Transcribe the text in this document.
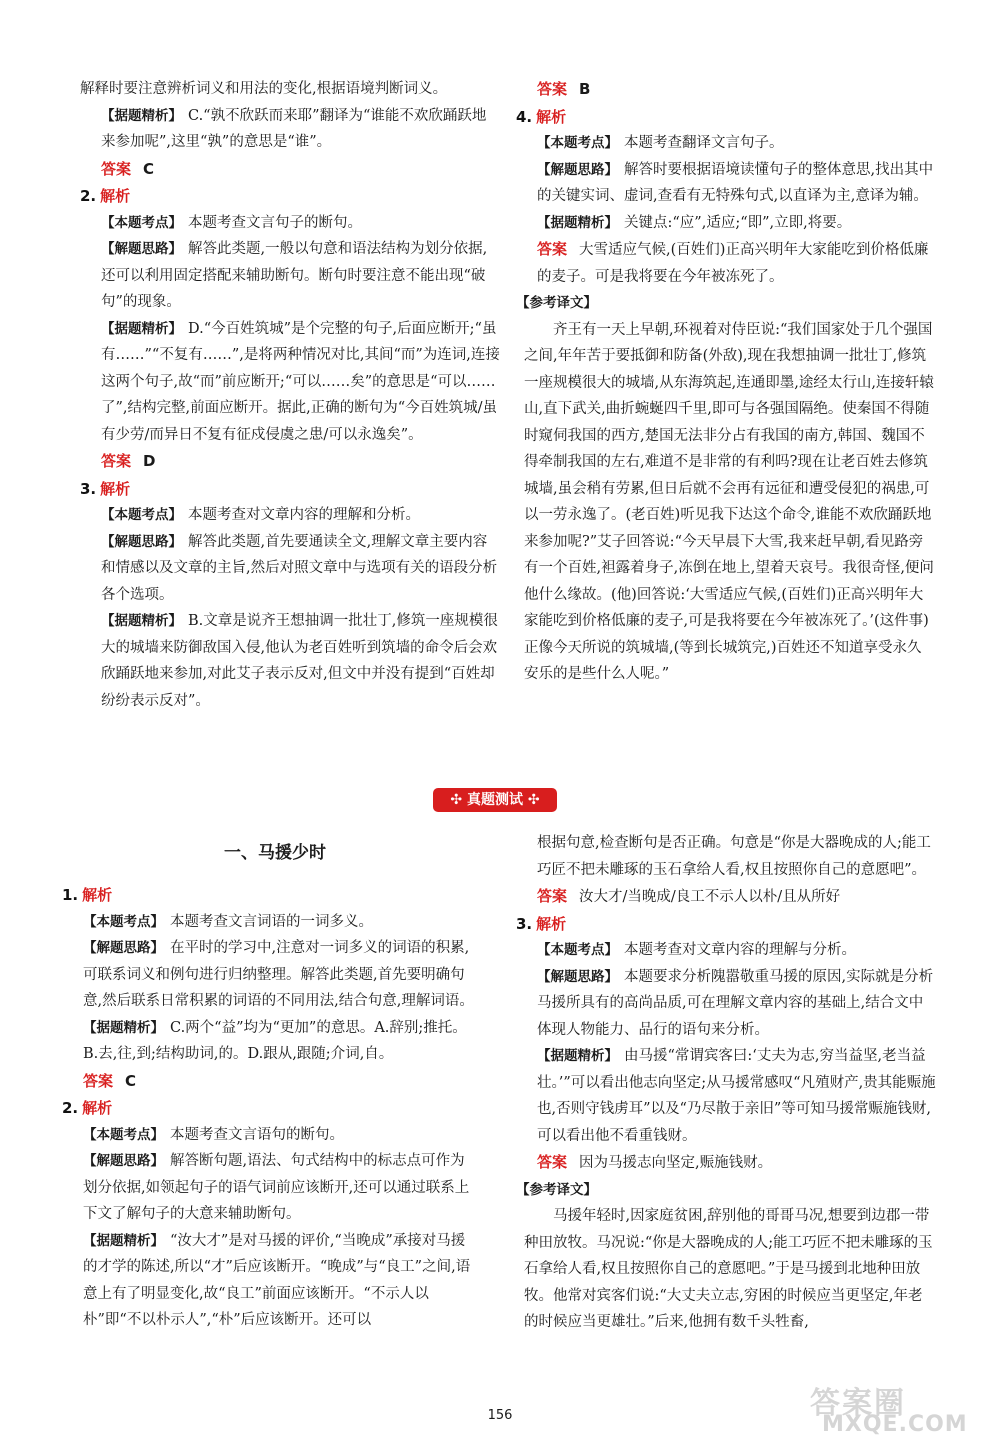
解释时要注意辨析词义和用法的变化,根据语境判断词义。

【据题精析】 C.“孰不欣跃而来耶”翻译为“谁能不欢欣踊跃地来参加呢”,这里“孰”的意思是“谁”。

答案 C

2. 解析

【本题考点】 本题考查文言句子的断句。

【解题思路】 解答此类题,一般以句意和语法结构为划分依据,还可以利用固定搭配来辅助断句。断句时要注意不能出现“破句”的现象。

【据题精析】 D.“今百姓筑城”是个完整的句子,后面应断开;“虽有……”“不复有……”,是将两种情况对比,其间“而”为连词,连接这两个句子,故“而”前应断开;“可以……矣”的意思是“可以……了”,结构完整,前面应断开。据此,正确的断句为“今百姓筑城/虽有少劳/而异日不复有征戍侵虞之患/可以永逸矣”。

答案 D

3. 解析

【本题考点】 本题考查对文章内容的理解和分析。

【解题思路】 解答此类题,首先要通读全文,理解文章主要内容和情感以及文章的主旨,然后对照文章中与选项有关的语段分析各个选项。

【据题精析】 B.文章是说齐王想抽调一批壮丁,修筑一座规模很大的城墙来防御敌国入侵,他认为老百姓听到筑墙的命令后会欢欣踊跃地来参加,对此艾子表示反对,但文中并没有提到“百姓却纷纷表示反对”。

答案 B

4. 解析

【本题考点】 本题考查翻译文言句子。

【解题思路】 解答时要根据语境读懂句子的整体意思,找出其中的关键实词、虚词,查看有无特殊句式,以直译为主,意译为辅。

【据题精析】 关键点:“应”,适应;“即”,立即,将要。

答案 大雪适应气候,(百姓们)正高兴明年大家能吃到价格低廉的麦子。可是我将要在今年被冻死了。

【参考译文】

齐王有一天上早朝,环视着对侍臣说:“我们国家处于几个强国之间,年年苦于要抵御和防备(外敌),现在我想抽调一批壮丁,修筑一座规模很大的城墙,从东海筑起,连通即墨,途经太行山,连接轩辕山,直下武关,曲折蜿蜒四千里,即可与各强国隔绝。使秦国不得随时窥伺我国的西方,楚国无法非分占有我国的南方,韩国、魏国不得牵制我国的左右,难道不是非常的有利吗?现在让老百姓去修筑城墙,虽会稍有劳累,但日后就不会再有远征和遭受侵犯的祸患,可以一劳永逸了。(老百姓)听见我下达这个命令,谁能不欢欣踊跃地来参加呢?”艾子回答说:“今天早晨下大雪,我来赶早朝,看见路旁有一个百姓,袒露着身子,冻倒在地上,望着天哀号。我很奇怪,便问他什么缘故。(他)回答说:‘大雪适应气候,(百姓们)正高兴明年大家能吃到价格低廉的麦子,可是我将要在今年被冻死了。’(这件事)正像今天所说的筑城墙,(等到长城筑完,)百姓还不知道享受永久安乐的是些什么人呢。”

✣ 真题测试 ✣
一、马援少时

1. 解析

【本题考点】 本题考查文言词语的一词多义。

【解题思路】 在平时的学习中,注意对一词多义的词语的积累,可联系词义和例句进行归纳整理。解答此类题,首先要明确句意,然后联系日常积累的词语的不同用法,结合句意,理解词语。

【据题精析】 C.两个“益”均为“更加”的意思。A.辞别;推托。B.去,往,到;结构助词,的。D.跟从,跟随;介词,自。

答案 C

2. 解析

【本题考点】 本题考查文言语句的断句。

【解题思路】 解答断句题,语法、句式结构中的标志点可作为划分依据,如领起句子的语气词前应该断开,还可以通过联系上下文了解句子的大意来辅助断句。

【据题精析】 “汝大才”是对马援的评价,“当晚成”承接对马援的才学的陈述,所以“才”后应该断开。“晚成”与“良工”之间,语意上有了明显变化,故“良工”前面应该断开。“不示人以朴”即“不以朴示人”,“朴”后应该断开。还可以

根据句意,检查断句是否正确。句意是“你是大器晚成的人;能工巧匠不把未雕琢的玉石拿给人看,权且按照你自己的意愿吧”。

答案 汝大才/当晚成/良工不示人以朴/且从所好

3. 解析

【本题考点】 本题考查对文章内容的理解与分析。

【解题思路】 本题要求分析隗嚣敬重马援的原因,实际就是分析马援所具有的高尚品质,可在理解文章内容的基础上,结合文中体现人物能力、品行的语句来分析。

【据题精析】 由马援“常谓宾客曰:‘丈夫为志,穷当益坚,老当益壮。’”可以看出他志向坚定;从马援常感叹“凡殖财产,贵其能赈施也,否则守钱虏耳”以及“乃尽散于亲旧”等可知马援常赈施钱财,可以看出他不看重钱财。

答案 因为马援志向坚定,赈施钱财。

【参考译文】

马援年轻时,因家庭贫困,辞别他的哥哥马况,想要到边郡一带种田放牧。马况说:“你是大器晚成的人;能工巧匠不把未雕琢的玉石拿给人看,权且按照你自己的意愿吧。”于是马援到北地种田放牧。他常对宾客们说:“大丈夫立志,穷困的时候应当更坚定,年老的时候应当更雄壮。”后来,他拥有数千头牲畜,

156	答案圈
MXQE.COM
